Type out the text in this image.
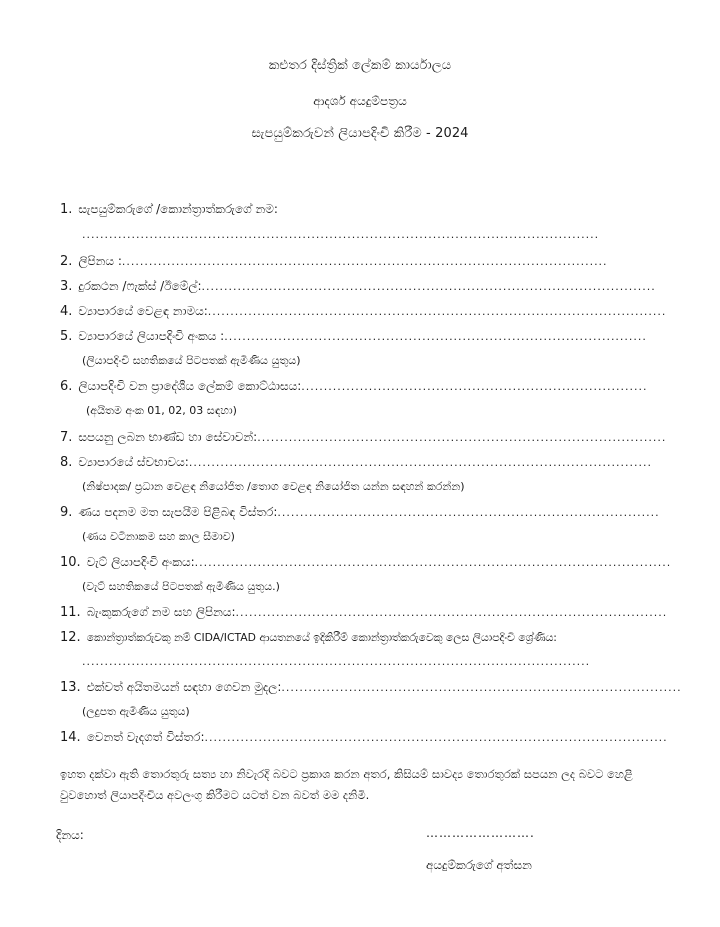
කළුතර දිස්ත්‍රික් ලේකම් කාර්යාලය
ආදර්ශ අයදුම්පත්‍රය
සැපයුම්කරුවන් ලියාපදිංචි කිරීම - 2024
1. සැපයුම්කරුගේ /කොන්ත්‍රාත්කරුගේ නම:
...................................................................................................................
2. ලිපිනය :............................................................................................................
3. දුරකථන /ෆැක්ස් /ඊමේල්:.....................................................................................................
4. ව්‍යාපාරයේ වෙළඳ නාමය:......................................................................................................
5. ව්‍යාපාරයේ ලියාපදිංචි අංකය :..............................................................................................
(ලියාපදිංචි සහතිකයේ පිටපතක් ඇමිණිය යුතුය)
6. ලියාපදිංචි වන ප්‍රාදේශීය ලේකම් කොට්ඨාසය:.............................................................................
(අයිතම අංක 01, 02, 03 සඳහා)
7. සපයනු ලබන භාණ්ඩ හා සේවාවන්:...........................................................................................
8. ව්‍යාපාරයේ ස්වභාවය:.......................................................................................................
(නිෂ්පාදක/ ප්‍රධාන වෙළඳ නියෝජිත /තොග වෙළඳ නියෝජිත යන්න සඳහන් කරන්න)
9. ණය පදනම මත සැපයීම පිළිබඳ විස්තර:.....................................................................................
(ණය වටිනාකම සහ කාල සීමාව)
10. වැට් ලියාපදිංචි අංකය:..........................................................................................................
(වැට් සහතිකයේ පිටපතක් ඇමිණිය යුතුය.)
11. බැංකුකරුගේ නම සහ ලිපිනය:................................................................................................
12. කොන්ත්‍රාත්කරුවකු නම් CIDA/ICTAD ආයතනයේ ඉදිකිරීම් කොන්ත්‍රාත්කරුවෙකු ලෙස ලියාපදිංචි ශ්‍රේණිය:
.................................................................................................................
13. එක්වත් අයිතමයන් සඳහා ගෙවන මුදල:.........................................................................................
(ලදුපත ඇමිණිය යුතුය)
14. වෙනත් වැදගත් විස්තර:.......................................................................................................
ඉහත දක්වා ඇති තොරතුරු සත්‍ය හා නිවැරදි බවට ප්‍රකාශ කරන අතර, කිසියම් සාවද්‍ය තොරතුරක් සපයන ලද බවට හෙළි වුවහොත් ලියාපදිංචිය අවලංගු කිරීමට යටත් වන බවත් මම දනිමි.
දිනය:	…………………….
අයදුම්කරුගේ අත්සන
